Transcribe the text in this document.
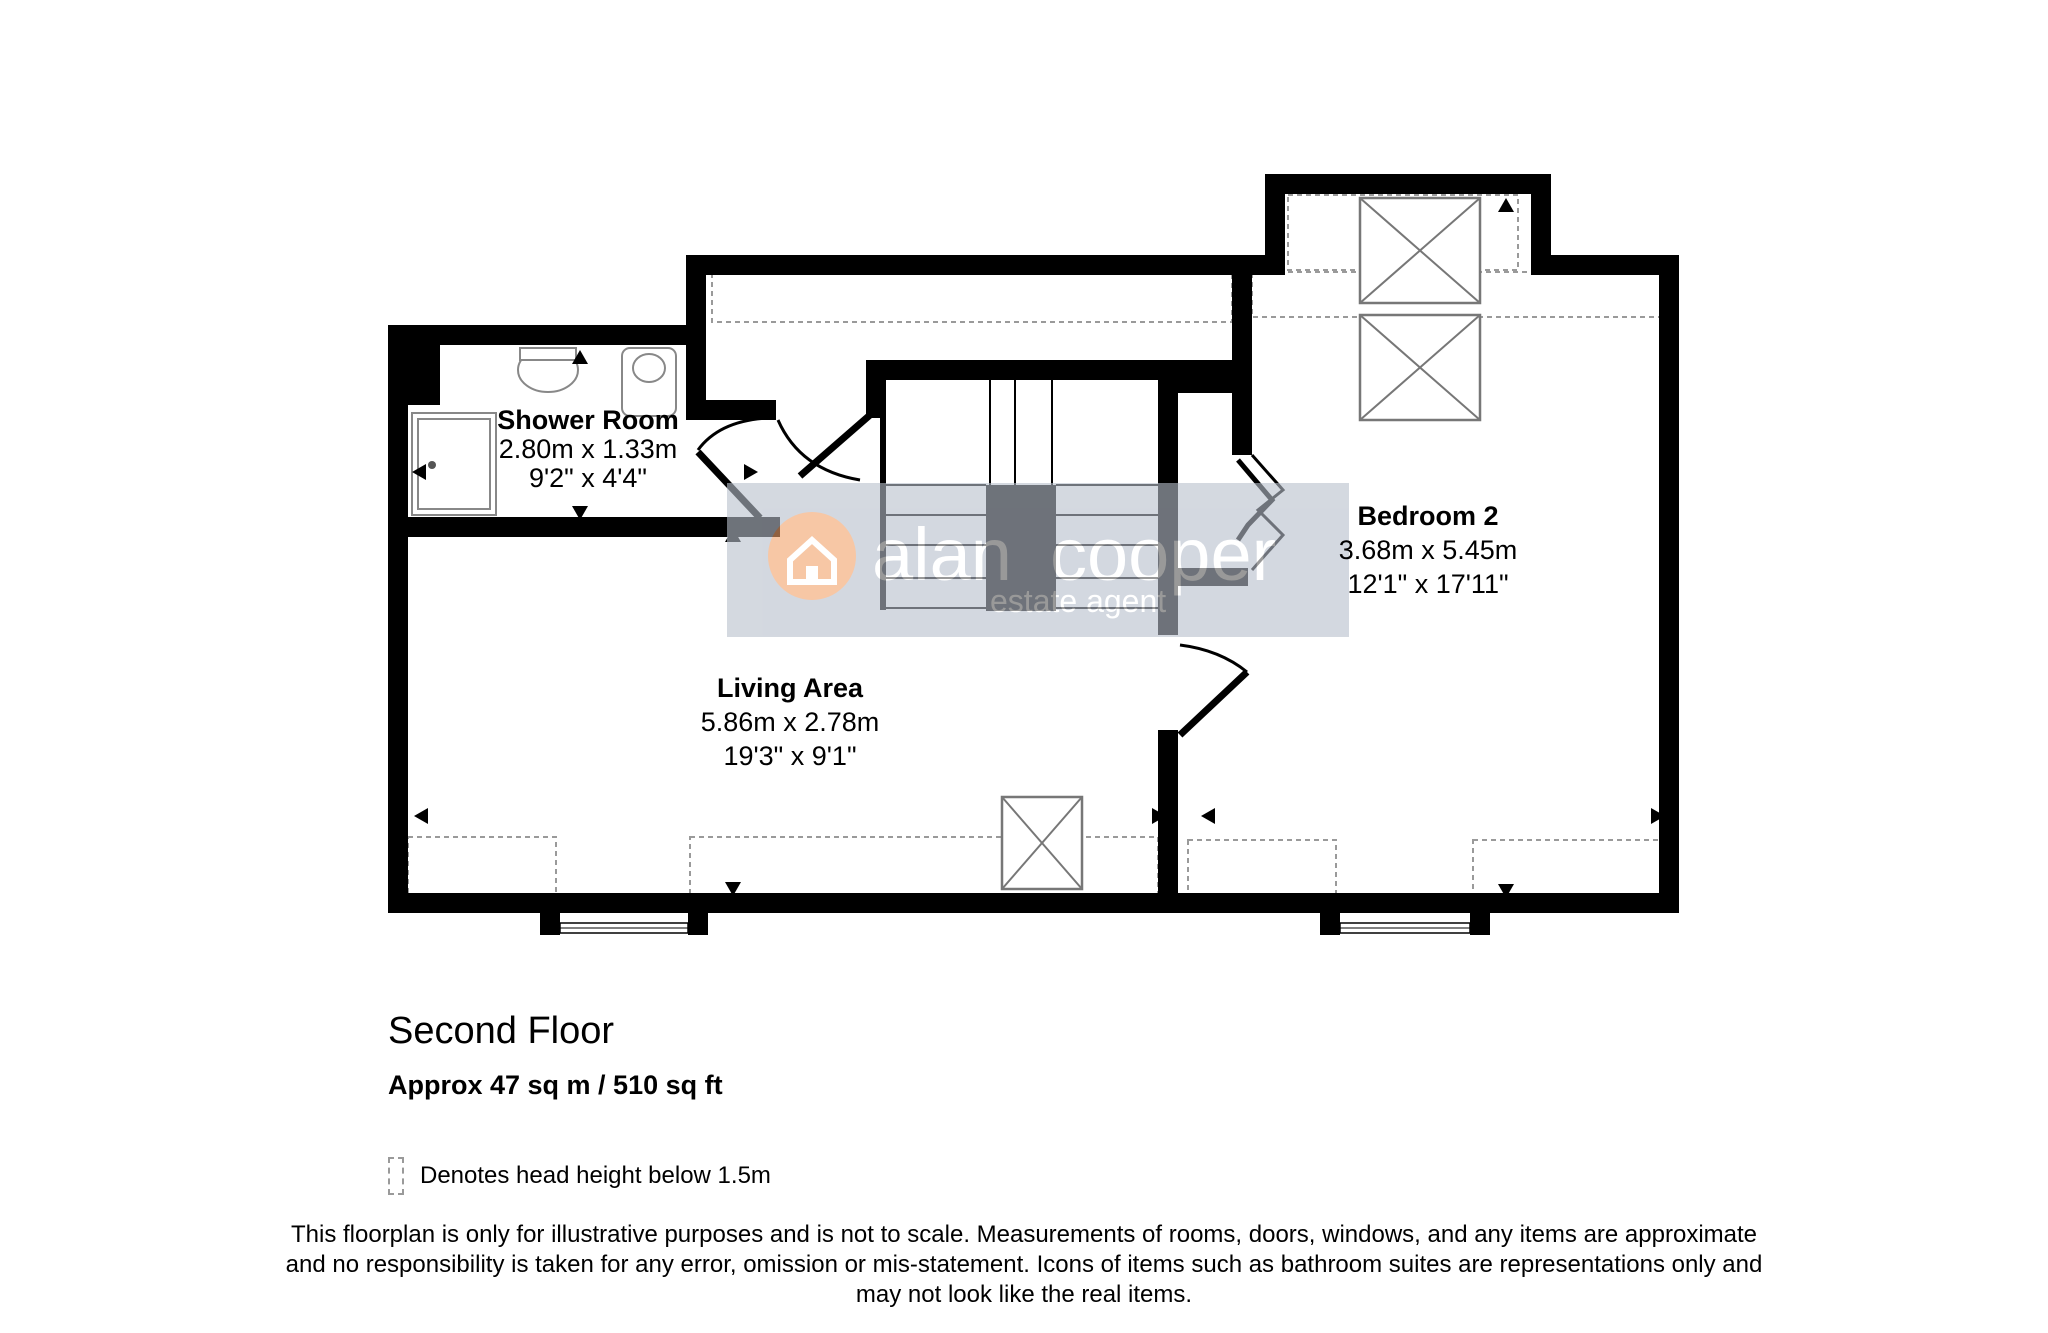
alan cooper
estate agent
Shower Room
2.80m x 1.33m
9'2" x 4'4"
Bedroom 2
3.68m x 5.45m
12'1" x 17'11"
Living Area
5.86m x 2.78m
19'3" x 9'1"
Second Floor
Approx 47 sq m / 510 sq ft
Denotes head height below 1.5m
This floorplan is only for illustrative purposes and is not to scale. Measurements of rooms, doors, windows, and any items are approximate
and no responsibility is taken for any error, omission or mis-statement. Icons of items such as bathroom suites are representations only and
may not look like the real items.
